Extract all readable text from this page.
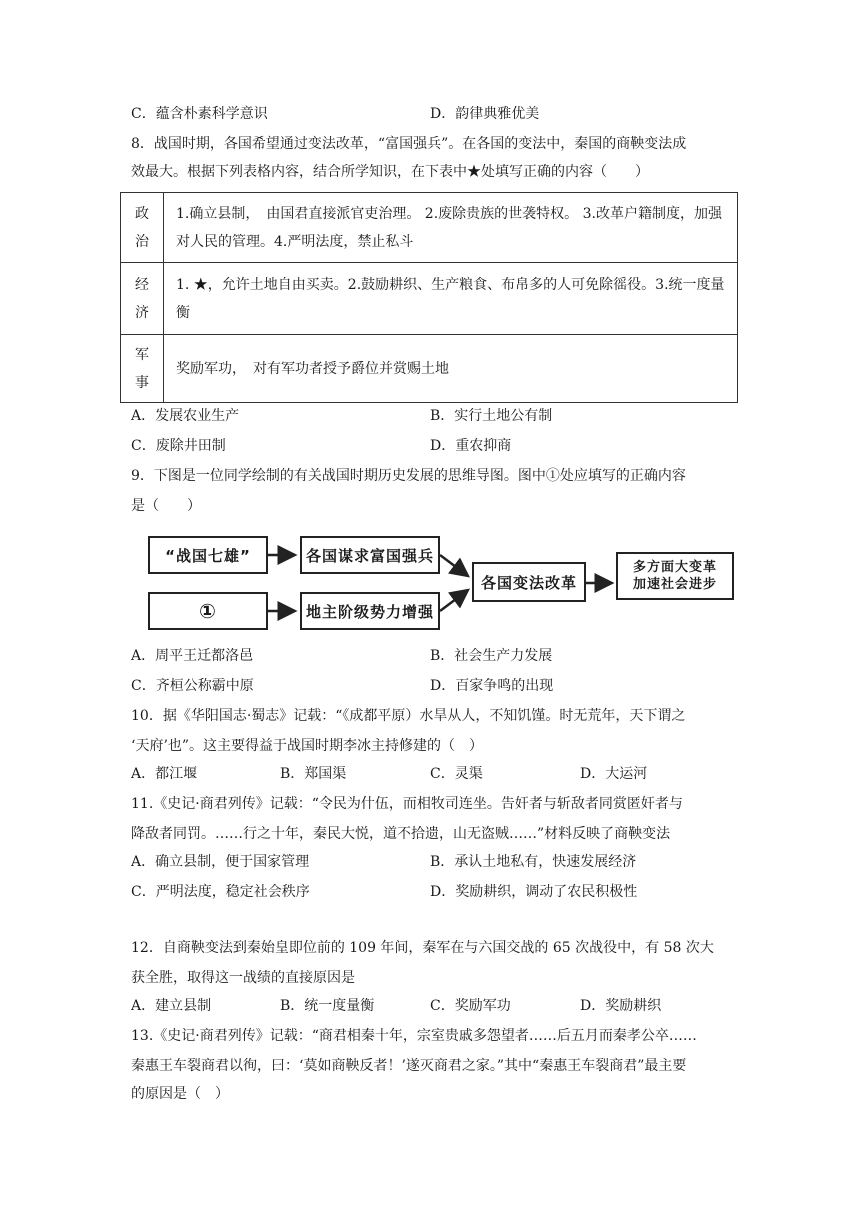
C．蕴含朴素科学意识	D．韵律典雅优美
8．战国时期，各国希望通过变法改革，“富国强兵”。在各国的变法中，秦国的商鞅变法成
效最大。根据下列表格内容，结合所学知识，在下表中★处填写正确的内容（　　）
政
治	1.确立县制，　由国君直接派官吏治理。 2.废除贵族的世袭特权。 3.改革户籍制度，加强对人民的管理。4.严明法度，禁止私斗
经
济	1. ★，允许土地自由买卖。2.鼓励耕织、生产粮食、布帛多的人可免除徭役。3.统一度量衡
军
事	奖励军功，　对有军功者授予爵位并赏赐土地
A．发展农业生产	B．实行土地公有制
C．废除井田制	D．重农抑商
9．下图是一位同学绘制的有关战国时期历史发展的思维导图。图中①处应填写的正确内容
是（　　）
“战国七雄”
①
各国谋求富国强兵
地主阶级势力增强
各国变法改革
多方面大变革
加速社会进步
A．周平王迁都洛邑	B．社会生产力发展
C．齐桓公称霸中原	D．百家争鸣的出现
10．据《华阳国志·蜀志》记载：“《成都平原）水旱从人，不知饥馑。时无荒年，天下谓之
‘天府’也”。这主要得益于战国时期李冰主持修建的（　）
A．都江堰	B．郑国渠	C．灵渠	D．大运河
11.《史记·商君列传》记载：“令民为什伍，而相牧司连坐。告奸者与斩敌者同赏匿奸者与
降敌者同罚。……行之十年，秦民大悦，道不拾遗，山无盗贼……”材料反映了商鞅变法
A．确立县制，便于国家管理	B．承认土地私有，快速发展经济
C．严明法度，稳定社会秩序	D．奖励耕织，调动了农民积极性
12．自商鞅变法到秦始皇即位前的 109 年间，秦军在与六国交战的 65 次战役中，有 58 次大
获全胜，取得这一战绩的直接原因是
A．建立县制	B．统一度量衡	C．奖励军功	D．奖励耕织
13.《史记·商君列传》记载：“商君相秦十年，宗室贵戚多怨望者……后五月而秦孝公卒……
秦惠王车裂商君以徇，曰：‘莫如商鞅反者！’遂灭商君之家。”其中“秦惠王车裂商君”最主要
的原因是（　）
